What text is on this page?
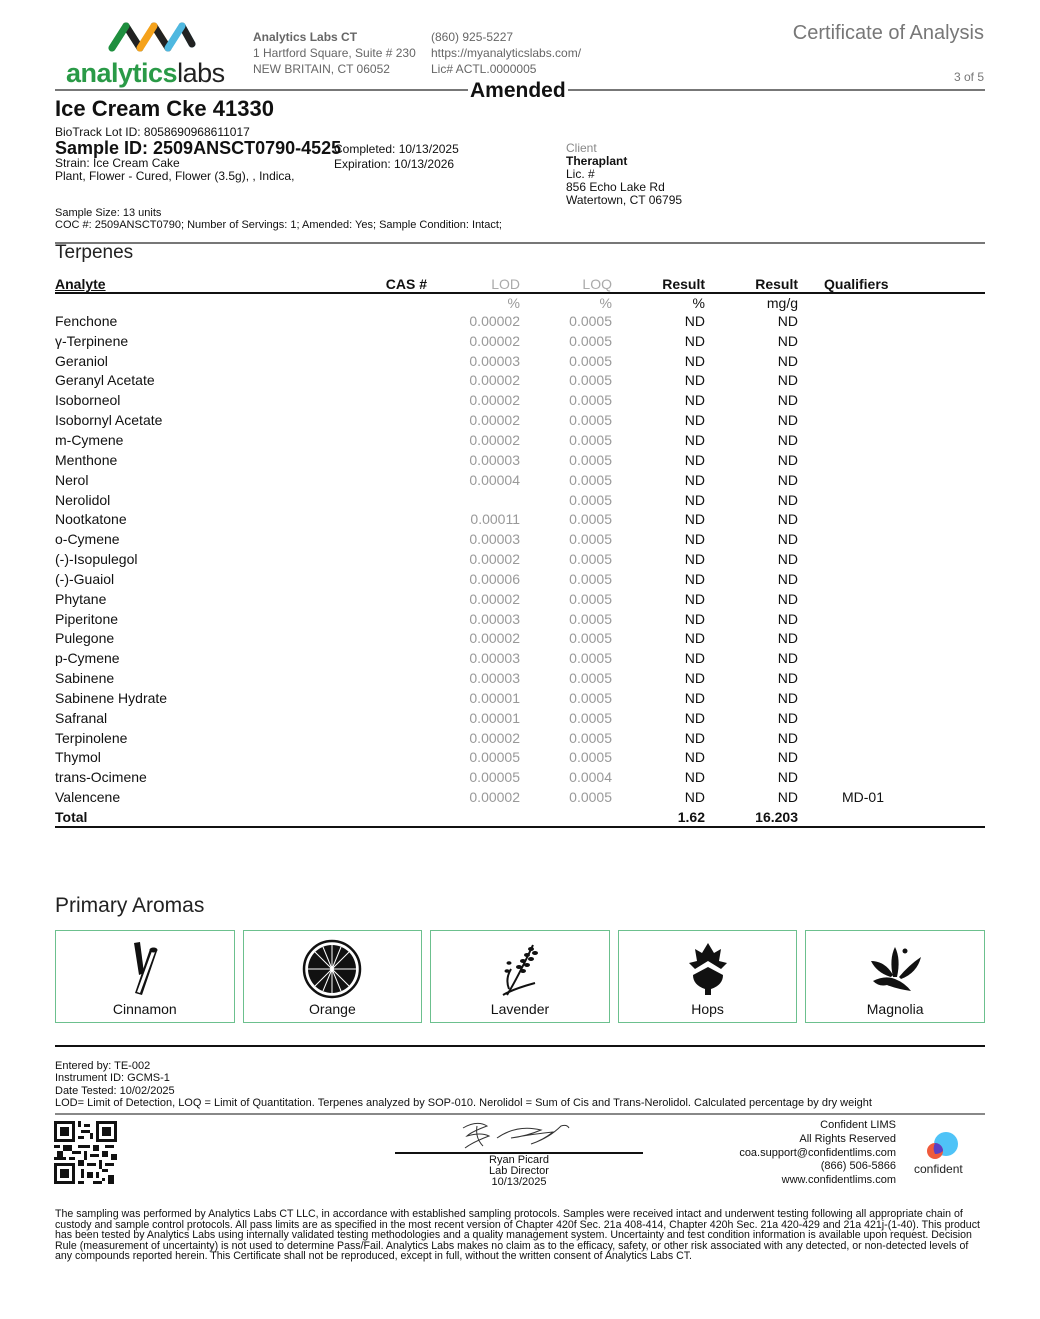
analyticslabs
Analytics Labs CT
1 Hartford Square, Suite # 230
NEW BRITAIN, CT 06052
(860) 925-5227
https://myanalyticslabs.com/
Lic# ACTL.0000005
Certificate of Analysis
3 of 5
Amended
Ice Cream Cke 41330
BioTrack Lot ID: 8058690968611017
Sample ID: 2509ANSCT0790-4525
Strain: Ice Cream Cake
Plant, Flower - Cured, Flower (3.5g), , Indica,
Completed: 10/13/2025
Expiration: 10/13/2026
Client
Theraplant
Lic. #
856 Echo Lake Rd
Watertown, CT 06795
Sample Size: 13 units
COC #: 2509ANSCT0790; Number of Servings: 1; Amended: Yes; Sample Condition: Intact;
Terpenes
Analyte	CAS #	LOD	LOQ	Result	Result	Qualifiers
		%	%	%	mg/g	
Fenchone		0.00002	0.0005	ND	ND	
γ-Terpinene		0.00002	0.0005	ND	ND	
Geraniol		0.00003	0.0005	ND	ND	
Geranyl Acetate		0.00002	0.0005	ND	ND	
Isoborneol		0.00002	0.0005	ND	ND	
Isobornyl Acetate		0.00002	0.0005	ND	ND	
m-Cymene		0.00002	0.0005	ND	ND	
Menthone		0.00003	0.0005	ND	ND	
Nerol		0.00004	0.0005	ND	ND	
Nerolidol			0.0005	ND	ND	
Nootkatone		0.00011	0.0005	ND	ND	
o-Cymene		0.00003	0.0005	ND	ND	
(-)-Isopulegol		0.00002	0.0005	ND	ND	
(-)-Guaiol		0.00006	0.0005	ND	ND	
Phytane		0.00002	0.0005	ND	ND	
Piperitone		0.00003	0.0005	ND	ND	
Pulegone		0.00002	0.0005	ND	ND	
p-Cymene		0.00003	0.0005	ND	ND	
Sabinene		0.00003	0.0005	ND	ND	
Sabinene Hydrate		0.00001	0.0005	ND	ND	
Safranal		0.00001	0.0005	ND	ND	
Terpinolene		0.00002	0.0005	ND	ND	
Thymol		0.00005	0.0005	ND	ND	
trans-Ocimene		0.00005	0.0004	ND	ND	
Valencene		0.00002	0.0005	ND	ND	MD-01
Total				1.62	16.203	
Primary Aromas
Cinnamon	Orange	Lavender	Hops	Magnolia
Entered by: TE-002
Instrument ID: GCMS-1
Date Tested: 10/02/2025
LOD= Limit of Detection, LOQ = Limit of Quantitation. Terpenes analyzed by SOP-010. Nerolidol = Sum of Cis and Trans-Nerolidol. Calculated percentage by dry weight
Ryan Picard
Lab Director
10/13/2025
Confident LIMS
All Rights Reserved
coa.support@confidentlims.com
(866) 506-5866
www.confidentlims.com
confident
The sampling was performed by Analytics Labs CT LLC, in accordance with established sampling protocols. Samples were received intact and underwent testing following all appropriate chain of custody and sample control protocols. All pass limits are as specified in the most recent version of Chapter 420f Sec. 21a 408-414, Chapter 420h Sec. 21a 420-429 and 21a 421j-(1-40). This product has been tested by Analytics Labs using internally validated testing methodologies and a quality management system. Uncertainty and test condition information is available upon request. Decision Rule (measurement of uncertainty) is not used to determine Pass/Fail. Analytics Labs makes no claim as to the efficacy, safety, or other risk associated with any detected, or non-detected levels of any compounds reported herein. This Certificate shall not be reproduced, except in full, without the written consent of Analytics Labs CT.
